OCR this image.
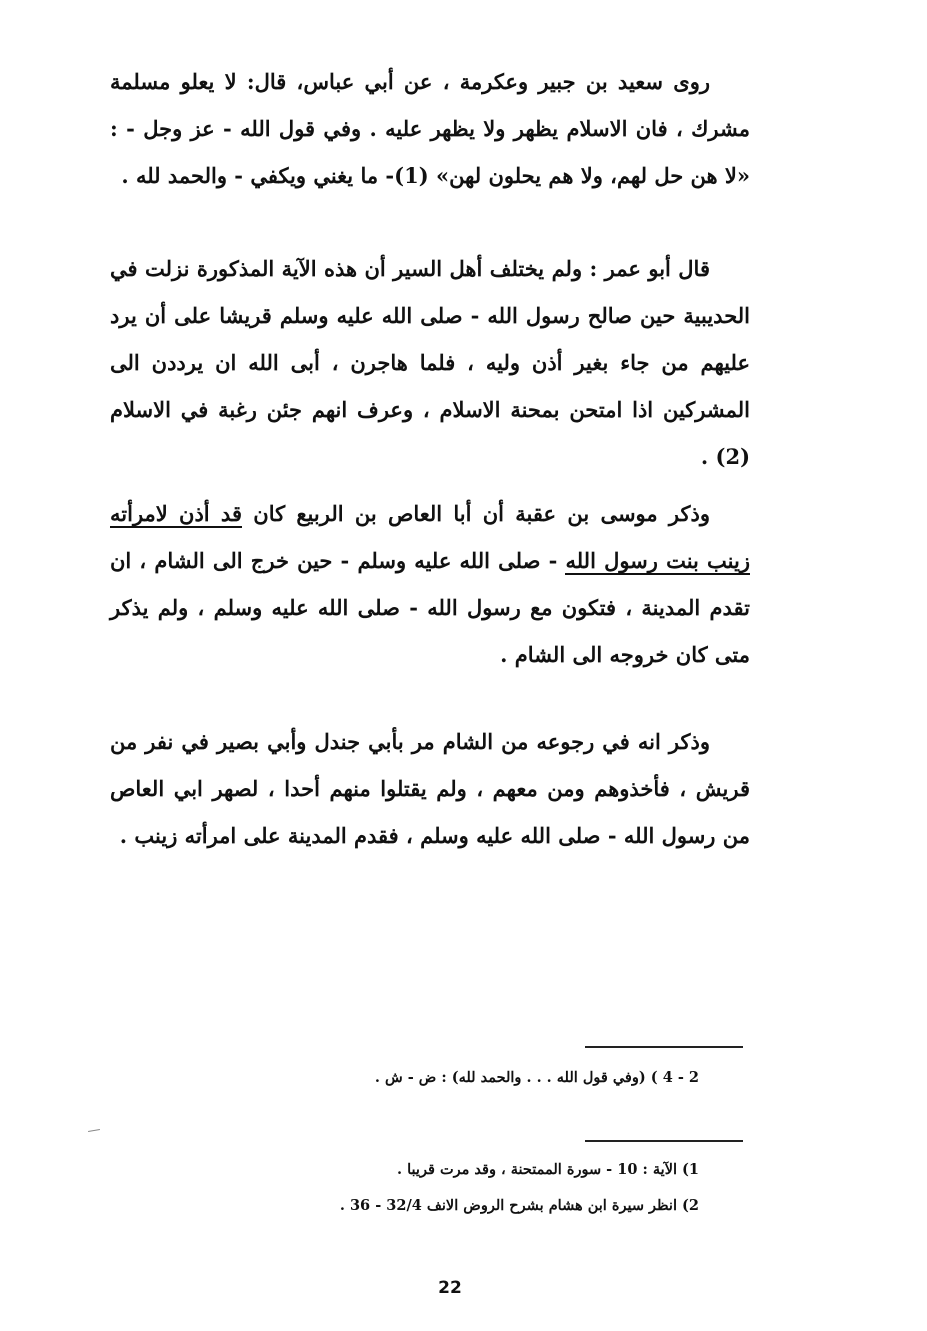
روى سعيد بن جبير وعكرمة ، عن أبي عباس، قال: لا يعلو مسلمة مشرك ، فان الاسلام يظهر ولا يظهر عليه . وفي قول الله - عز وجل - : «لا هن حل لهم، ولا هم يحلون لهن» (1)- ما يغني ويكفي - والحمد لله .

قال أبو عمر : ولم يختلف أهل السير أن هذه الآية المذكورة نزلت في الحديبية حين صالح رسول الله - صلى الله عليه وسلم قريشا على أن يرد عليهم من جاء بغير أذن وليه ، فلما هاجرن ، أبى الله ان يرددن الى المشركين اذا امتحن بمحنة الاسلام ، وعرف انهم جئن رغبة في الاسلام (2) .

وذكر موسى بن عقبة أن أبا العاص بن الربيع كان قد أذن لامرأته زينب بنت رسول الله - صلى الله عليه وسلم - حين خرج الى الشام ، ان تقدم المدينة ، فتكون مع رسول الله - صلى الله عليه وسلم ، ولم يذكر متى كان خروجه الى الشام .

وذكر انه في رجوعه من الشام مر بأبي جندل وأبي بصير في نفر من قريش ، فأخذوهم ومن معهم ، ولم يقتلوا منهم أحدا ، لصهر ابي العاص من رسول الله - صلى الله عليه وسلم ، فقدم المدينة على امرأته زينب .

2 - 4 ) (وفي قول الله . . . والحمد لله) : ض - ش .
1) الآية : 10 - سورة الممتحنة ، وقد مرت قريبا .
2) انظر سيرة ابن هشام بشرح الروض الانف 32/4 - 36 .
22
